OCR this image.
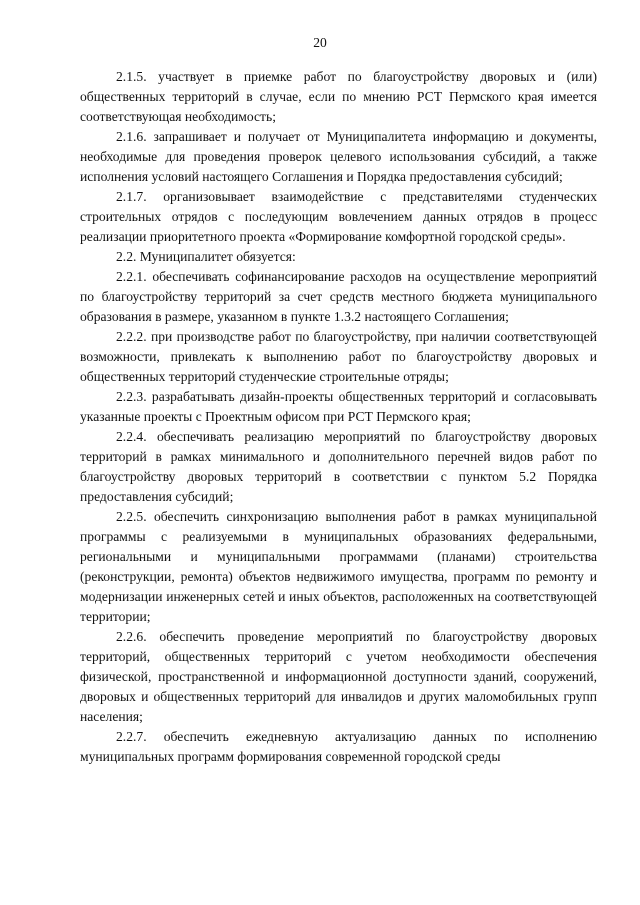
20

2.1.5. участвует в приемке работ по благоустройству дворовых и (или) общественных территорий в случае, если по мнению РСТ Пермского края имеется соответствующая необходимость;

2.1.6. запрашивает и получает от Муниципалитета информацию и документы, необходимые для проведения проверок целевого использования субсидий, а также исполнения условий настоящего Соглашения и Порядка предоставления субсидий;

2.1.7. организовывает взаимодействие с представителями студенческих строительных отрядов с последующим вовлечением данных отрядов в процесс реализации приоритетного проекта «Формирование комфортной городской среды».

2.2. Муниципалитет обязуется:

2.2.1. обеспечивать софинансирование расходов на осуществление мероприятий по благоустройству территорий за счет средств местного бюджета муниципального образования в размере, указанном в пункте 1.3.2 настоящего Соглашения;

2.2.2. при производстве работ по благоустройству, при наличии соответствующей возможности, привлекать к выполнению работ по благоустройству дворовых и общественных территорий студенческие строительные отряды;

2.2.3. разрабатывать дизайн-проекты общественных территорий и согласовывать указанные проекты с Проектным офисом при РСТ Пермского края;

2.2.4. обеспечивать реализацию мероприятий по благоустройству дворовых территорий в рамках минимального и дополнительного перечней видов работ по благоустройству дворовых территорий в соответствии с пунктом 5.2 Порядка предоставления субсидий;

2.2.5. обеспечить синхронизацию выполнения работ в рамках муниципальной программы с реализуемыми в муниципальных образованиях федеральными, региональными и муниципальными программами (планами) строительства (реконструкции, ремонта) объектов недвижимого имущества, программ по ремонту и модернизации инженерных сетей и иных объектов, расположенных на соответствующей территории;

2.2.6. обеспечить проведение мероприятий по благоустройству дворовых территорий, общественных территорий с учетом необходимости обеспечения физической, пространственной и информационной доступности зданий, сооружений, дворовых и общественных территорий для инвалидов и других маломобильных групп населения;

2.2.7. обеспечить ежедневную актуализацию данных по исполнению муниципальных программ формирования современной городской среды
